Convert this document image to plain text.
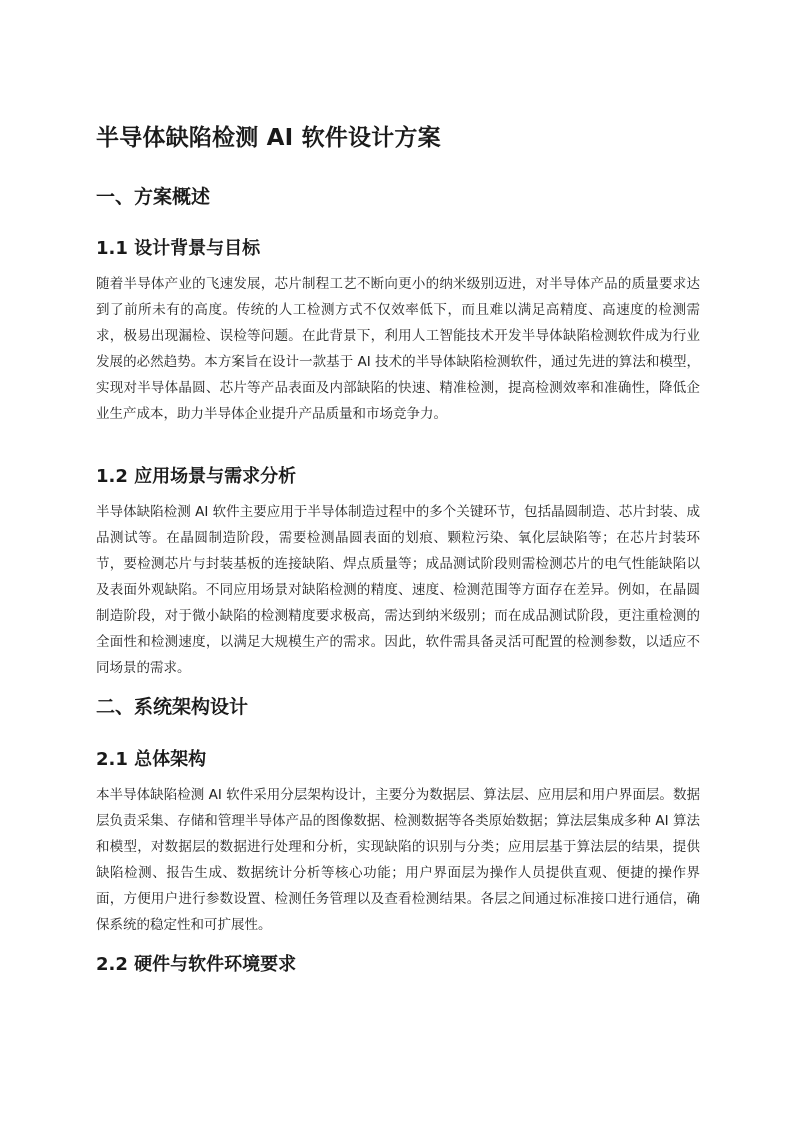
半导体缺陷检测 AI 软件设计方案
一、方案概述
1.1 设计背景与目标

随着半导体产业的飞速发展，芯片制程工艺不断向更小的纳米级别迈进，对半导体产品的质量要求达到了前所未有的高度。传统的人工检测方式不仅效率低下，而且难以满足高精度、高速度的检测需求，极易出现漏检、误检等问题。在此背景下，利用人工智能技术开发半导体缺陷检测软件成为行业发展的必然趋势。本方案旨在设计一款基于 AI 技术的半导体缺陷检测软件，通过先进的算法和模型，实现对半导体晶圆、芯片等产品表面及内部缺陷的快速、精准检测，提高检测效率和准确性，降低企业生产成本，助力半导体企业提升产品质量和市场竞争力。

1.2 应用场景与需求分析

半导体缺陷检测 AI 软件主要应用于半导体制造过程中的多个关键环节，包括晶圆制造、芯片封装、成品测试等。在晶圆制造阶段，需要检测晶圆表面的划痕、颗粒污染、氧化层缺陷等；在芯片封装环节，要检测芯片与封装基板的连接缺陷、焊点质量等；成品测试阶段则需检测芯片的电气性能缺陷以及表面外观缺陷。不同应用场景对缺陷检测的精度、速度、检测范围等方面存在差异。例如，在晶圆制造阶段，对于微小缺陷的检测精度要求极高，需达到纳米级别；而在成品测试阶段，更注重检测的全面性和检测速度，以满足大规模生产的需求。因此，软件需具备灵活可配置的检测参数，以适应不同场景的需求。

二、系统架构设计
2.1 总体架构

本半导体缺陷检测 AI 软件采用分层架构设计，主要分为数据层、算法层、应用层和用户界面层。数据层负责采集、存储和管理半导体产品的图像数据、检测数据等各类原始数据；算法层集成多种 AI 算法和模型，对数据层的数据进行处理和分析，实现缺陷的识别与分类；应用层基于算法层的结果，提供缺陷检测、报告生成、数据统计分析等核心功能；用户界面层为操作人员提供直观、便捷的操作界面，方便用户进行参数设置、检测任务管理以及查看检测结果。各层之间通过标准接口进行通信，确保系统的稳定性和可扩展性。

2.2 硬件与软件环境要求
